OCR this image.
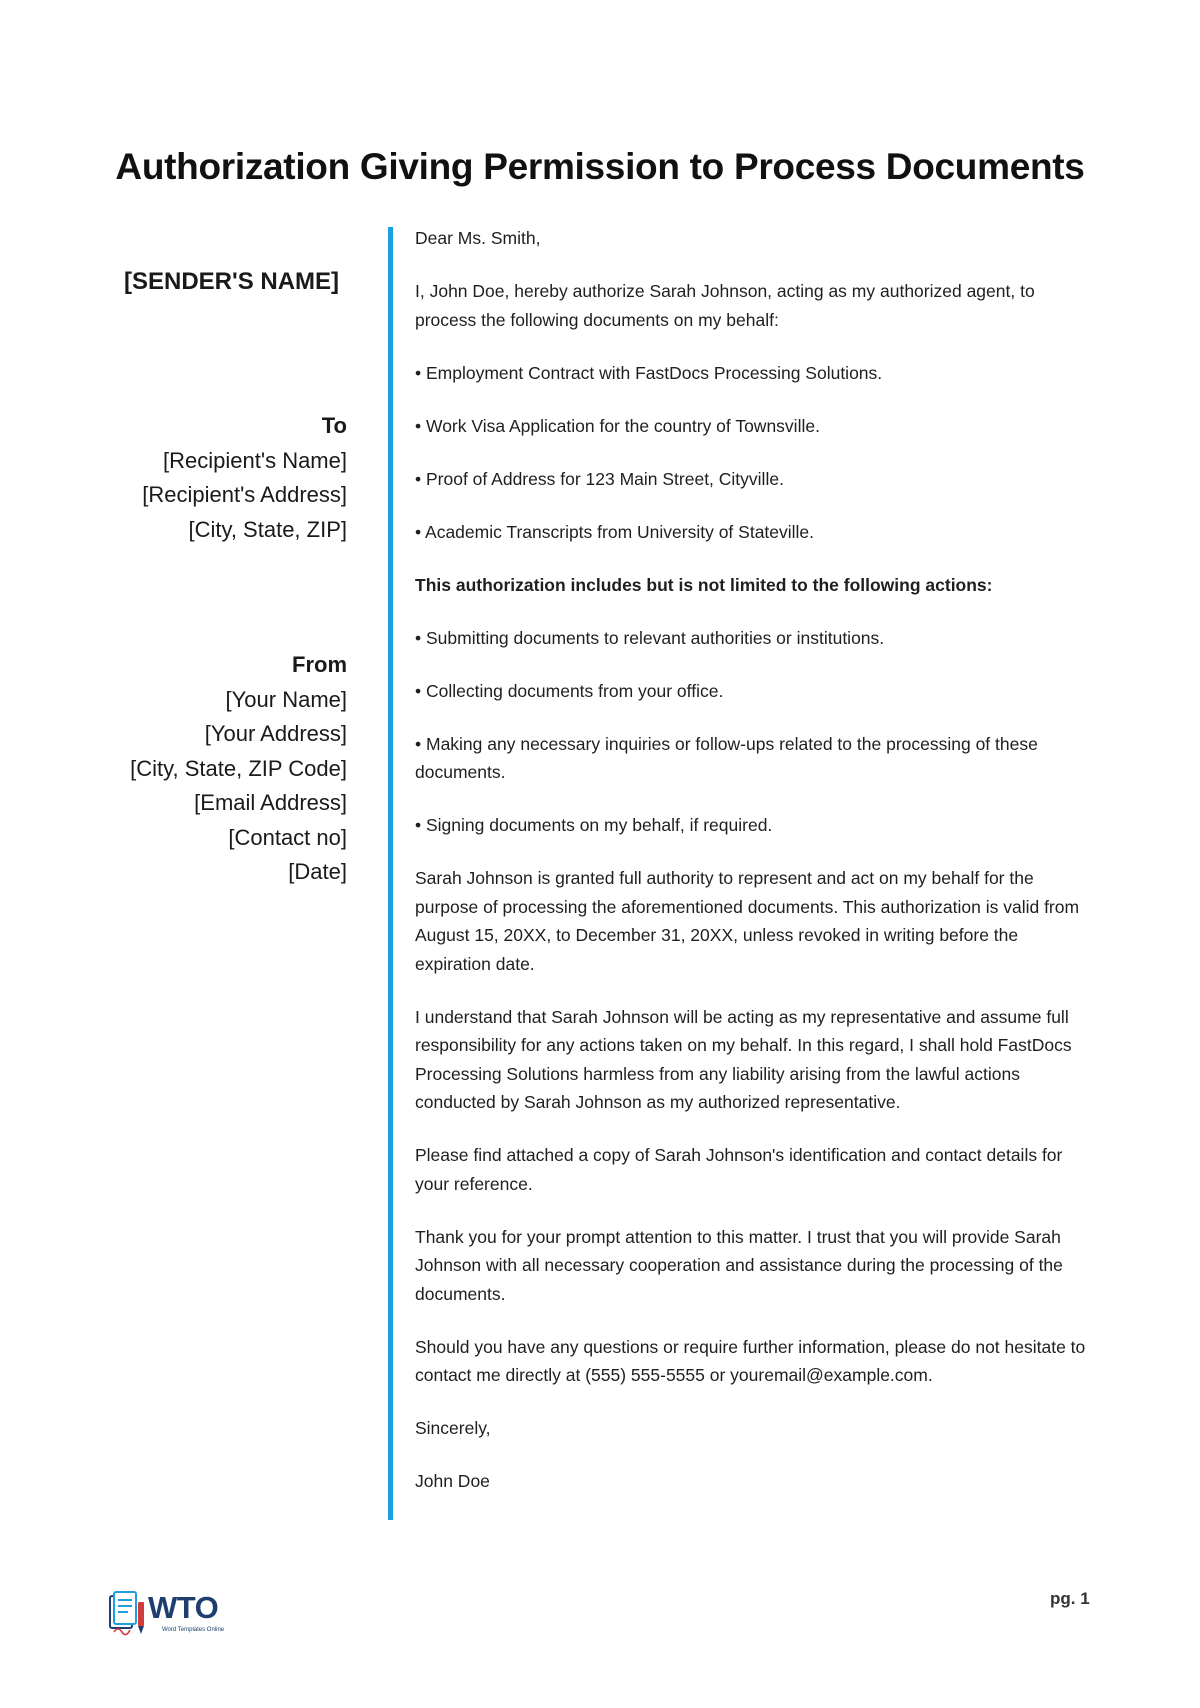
Authorization Giving Permission to Process Documents
[SENDER'S NAME]
To
[Recipient's Name]
[Recipient's Address]
[City, State, ZIP]
From
[Your Name]
[Your Address]
[City, State, ZIP Code]
[Email Address]
[Contact no]
[Date]

Dear Ms. Smith,

I, John Doe, hereby authorize Sarah Johnson, acting as my authorized agent, to process the following documents on my behalf:

• Employment Contract with FastDocs Processing Solutions.

• Work Visa Application for the country of Townsville.

• Proof of Address for 123 Main Street, Cityville.

• Academic Transcripts from University of Stateville.

This authorization includes but is not limited to the following actions:

• Submitting documents to relevant authorities or institutions.

• Collecting documents from your office.

• Making any necessary inquiries or follow-ups related to the processing of these documents.

• Signing documents on my behalf, if required.

Sarah Johnson is granted full authority to represent and act on my behalf for the purpose of processing the aforementioned documents. This authorization is valid from August 15, 20XX, to December 31, 20XX, unless revoked in writing before the expiration date.

I understand that Sarah Johnson will be acting as my representative and assume full responsibility for any actions taken on my behalf. In this regard, I shall hold FastDocs Processing Solutions harmless from any liability arising from the lawful actions conducted by Sarah Johnson as my authorized representative.

Please find attached a copy of Sarah Johnson's identification and contact details for your reference.

Thank you for your prompt attention to this matter. I trust that you will provide Sarah Johnson with all necessary cooperation and assistance during the processing of the documents.

Should you have any questions or require further information, please do not hesitate to contact me directly at (555) 555-5555 or youremail@example.com.

Sincerely,

John Doe

WTO
Word Templates Online
pg. 1
